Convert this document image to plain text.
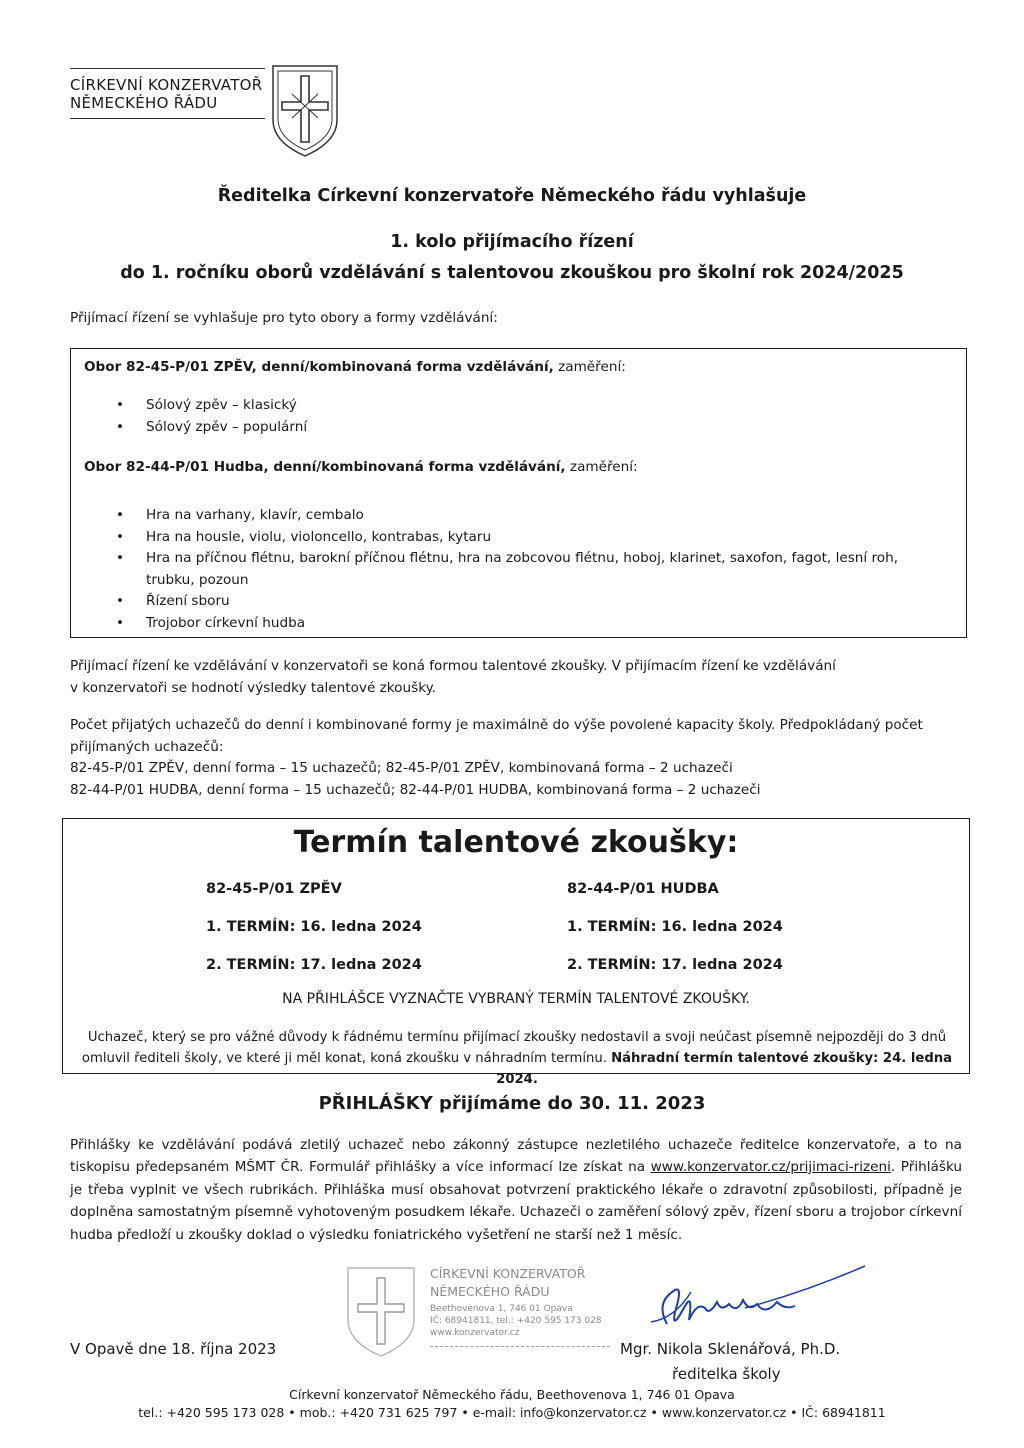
CÍRKEVNÍ KONZERVATOŘ
NĚMECKÉHO ŘÁDU
Ředitelka Církevní konzervatoře Německého řádu vyhlašuje
1. kolo přijímacího řízení
do 1. ročníku oborů vzdělávání s talentovou zkouškou pro školní rok 2024/2025
Přijímací řízení se vyhlašuje pro tyto obory a formy vzdělávání:
Obor 82-45-P/01 ZPĚV, denní/kombinovaná forma vzdělávání, zaměření:
• Sólový zpěv – klasický
• Sólový zpěv – populární
Obor 82-44-P/01 Hudba, denní/kombinovaná forma vzdělávání, zaměření:
• Hra na varhany, klavír, cembalo
• Hra na housle, violu, violoncello, kontrabas, kytaru
• Hra na příčnou flétnu, barokní příčnou flétnu, hra na zobcovou flétnu, hoboj, klarinet, saxofon, fagot, lesní roh,
trubku, pozoun
• Řízení sboru
• Trojobor církevní hudba
Přijímací řízení ke vzdělávání v konzervatoři se koná formou talentové zkoušky. V přijímacím řízení ke vzdělávání
v konzervatoři se hodnotí výsledky talentové zkoušky.
Počet přijatých uchazečů do denní i kombinované formy je maximálně do výše povolené kapacity školy. Předpokládaný počet
přijímaných uchazečů:
82-45-P/01 ZPĚV, denní forma – 15 uchazečů; 82-45-P/01 ZPĚV, kombinovaná forma – 2 uchazeči
82-44-P/01 HUDBA, denní forma – 15 uchazečů; 82-44-P/01 HUDBA, kombinovaná forma – 2 uchazeči
Termín talentové zkoušky:
82-45-P/01 ZPĚV
1. TERMÍN: 16. ledna 2024
2. TERMÍN: 17. ledna 2024
82-44-P/01 HUDBA
1. TERMÍN: 16. ledna 2024
2. TERMÍN: 17. ledna 2024
NA PŘIHLÁŠCE VYZNAČTE VYBRANÝ TERMÍN TALENTOVÉ ZKOUŠKY.
Uchazeč, který se pro vážné důvody k řádnému termínu přijímací zkoušky nedostavil a svoji neúčast písemně nejpozději do 3 dnů
omluvil řediteli školy, ve které ji měl konat, koná zkoušku v náhradním termínu. Náhradní termín talentové zkoušky: 24. ledna 2024.
PŘIHLÁŠKY přijímáme do 30. 11. 2023
Přihlášky ke vzdělávání podává zletilý uchazeč nebo zákonný zástupce nezletilého uchazeče ředitelce konzervatoře, a to na tiskopisu předepsaném MŠMT ČR. Formulář přihlášky a více informací lze získat na www.konzervator.cz/prijimaci-rizeni. Přihlášku je třeba vyplnit ve všech rubrikách. Přihláška musí obsahovat potvrzení praktického lékaře o zdravotní způsobilosti, případně je doplněna samostatným písemně vyhotoveným posudkem lékaře. Uchazeči o zaměření sólový zpěv, řízení sboru a trojobor církevní hudba předloží u zkoušky doklad o výsledku foniatrického vyšetření ne starší než 1 měsíc.
CÍRKEVNÍ KONZERVATOŘ
NĚMECKÉHO ŘÁDU
Beethovenova 1, 746 01 Opava
IČ: 68941811, tel.: +420 595 173 028
www.konzervator.cz
V Opavě dne 18. října 2023	Mgr. Nikola Sklenářová, Ph.D.
ředitelka školy
Církevní konzervatoř Německého řádu, Beethovenova 1, 746 01 Opava
tel.: +420 595 173 028 • mob.: +420 731 625 797 • e-mail: info@konzervator.cz • www.konzervator.cz • IČ: 68941811
